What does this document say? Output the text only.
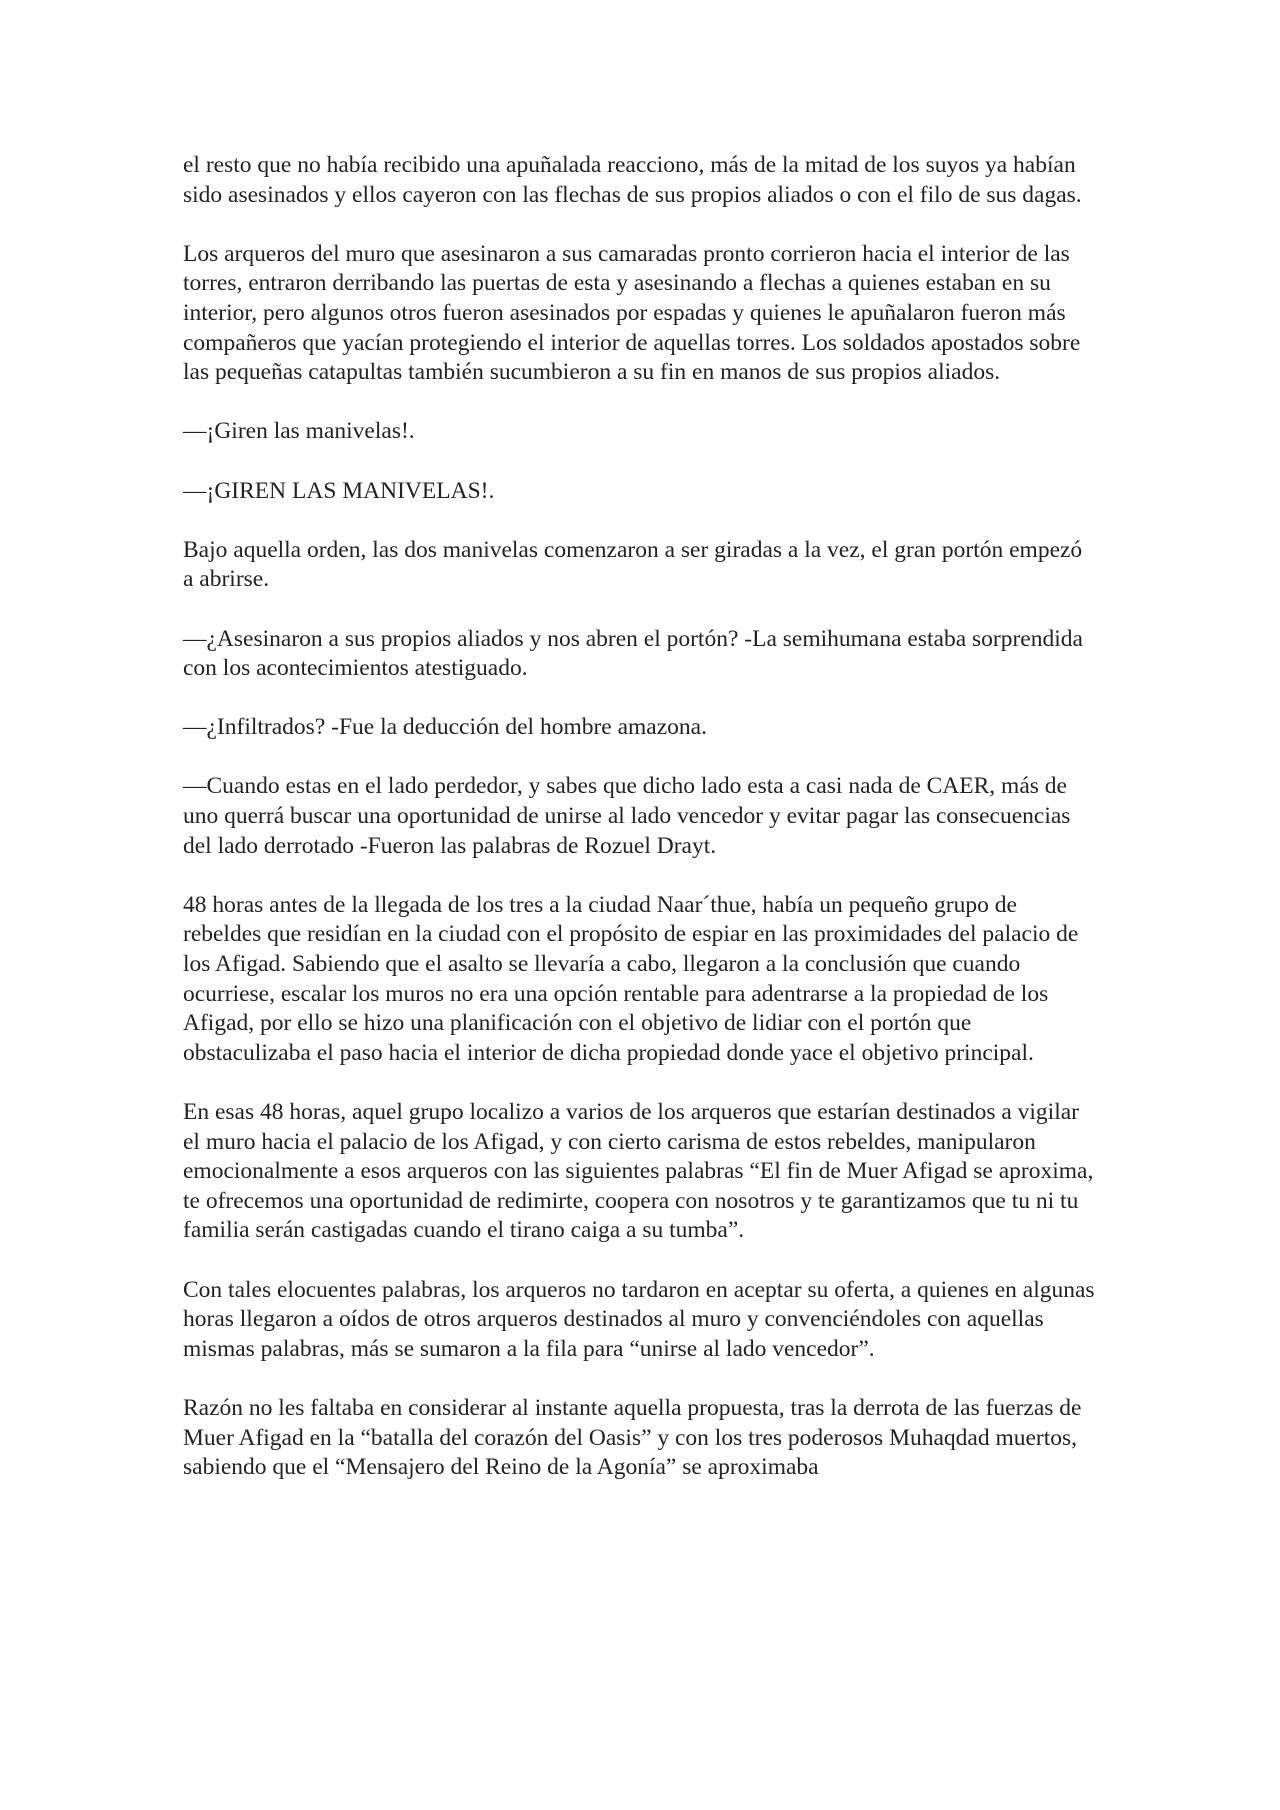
el resto que no había recibido una apuñalada reacciono, más de la mitad de los suyos ya habían sido asesinados y ellos cayeron con las flechas de sus propios aliados o con el filo de sus dagas.

Los arqueros del muro que asesinaron a sus camaradas pronto corrieron hacia el interior de las torres, entraron derribando las puertas de esta y asesinando a flechas a quienes estaban en su interior, pero algunos otros fueron asesinados por espadas y quienes le apuñalaron fueron más compañeros que yacían protegiendo el interior de aquellas torres. Los soldados apostados sobre las pequeñas catapultas también sucumbieron a su fin en manos de sus propios aliados.

—¡Giren las manivelas!.

—¡GIREN LAS MANIVELAS!.

Bajo aquella orden, las dos manivelas comenzaron a ser giradas a la vez, el gran portón empezó a abrirse.

—¿Asesinaron a sus propios aliados y nos abren el portón? -La semihumana estaba sorprendida con los acontecimientos atestiguado.

—¿Infiltrados? -Fue la deducción del hombre amazona.

—Cuando estas en el lado perdedor, y sabes que dicho lado esta a casi nada de CAER, más de uno querrá buscar una oportunidad de unirse al lado vencedor y evitar pagar las consecuencias del lado derrotado -Fueron las palabras de Rozuel Drayt.

48 horas antes de la llegada de los tres a la ciudad Naar´thue, había un pequeño grupo de rebeldes que residían en la ciudad con el propósito de espiar en las proximidades del palacio de los Afigad. Sabiendo que el asalto se llevaría a cabo, llegaron a la conclusión que cuando ocurriese, escalar los muros no era una opción rentable para adentrarse a la propiedad de los Afigad, por ello se hizo una planificación con el objetivo de lidiar con el portón que obstaculizaba el paso hacia el interior de dicha propiedad donde yace el objetivo principal.

En esas 48 horas, aquel grupo localizo a varios de los arqueros que estarían destinados a vigilar el muro hacia el palacio de los Afigad, y con cierto carisma de estos rebeldes, manipularon emocionalmente a esos arqueros con las siguientes palabras “El fin de Muer Afigad se aproxima, te ofrecemos una oportunidad de redimirte, coopera con nosotros y te garantizamos que tu ni tu familia serán castigadas cuando el tirano caiga a su tumba”.

Con tales elocuentes palabras, los arqueros no tardaron en aceptar su oferta, a quienes en algunas horas llegaron a oídos de otros arqueros destinados al muro y convenciéndoles con aquellas mismas palabras, más se sumaron a la fila para “unirse al lado vencedor”.

Razón no les faltaba en considerar al instante aquella propuesta, tras la derrota de las fuerzas de Muer Afigad en la “batalla del corazón del Oasis” y con los tres poderosos Muhaqdad muertos, sabiendo que el “Mensajero del Reino de la Agonía” se aproximaba
